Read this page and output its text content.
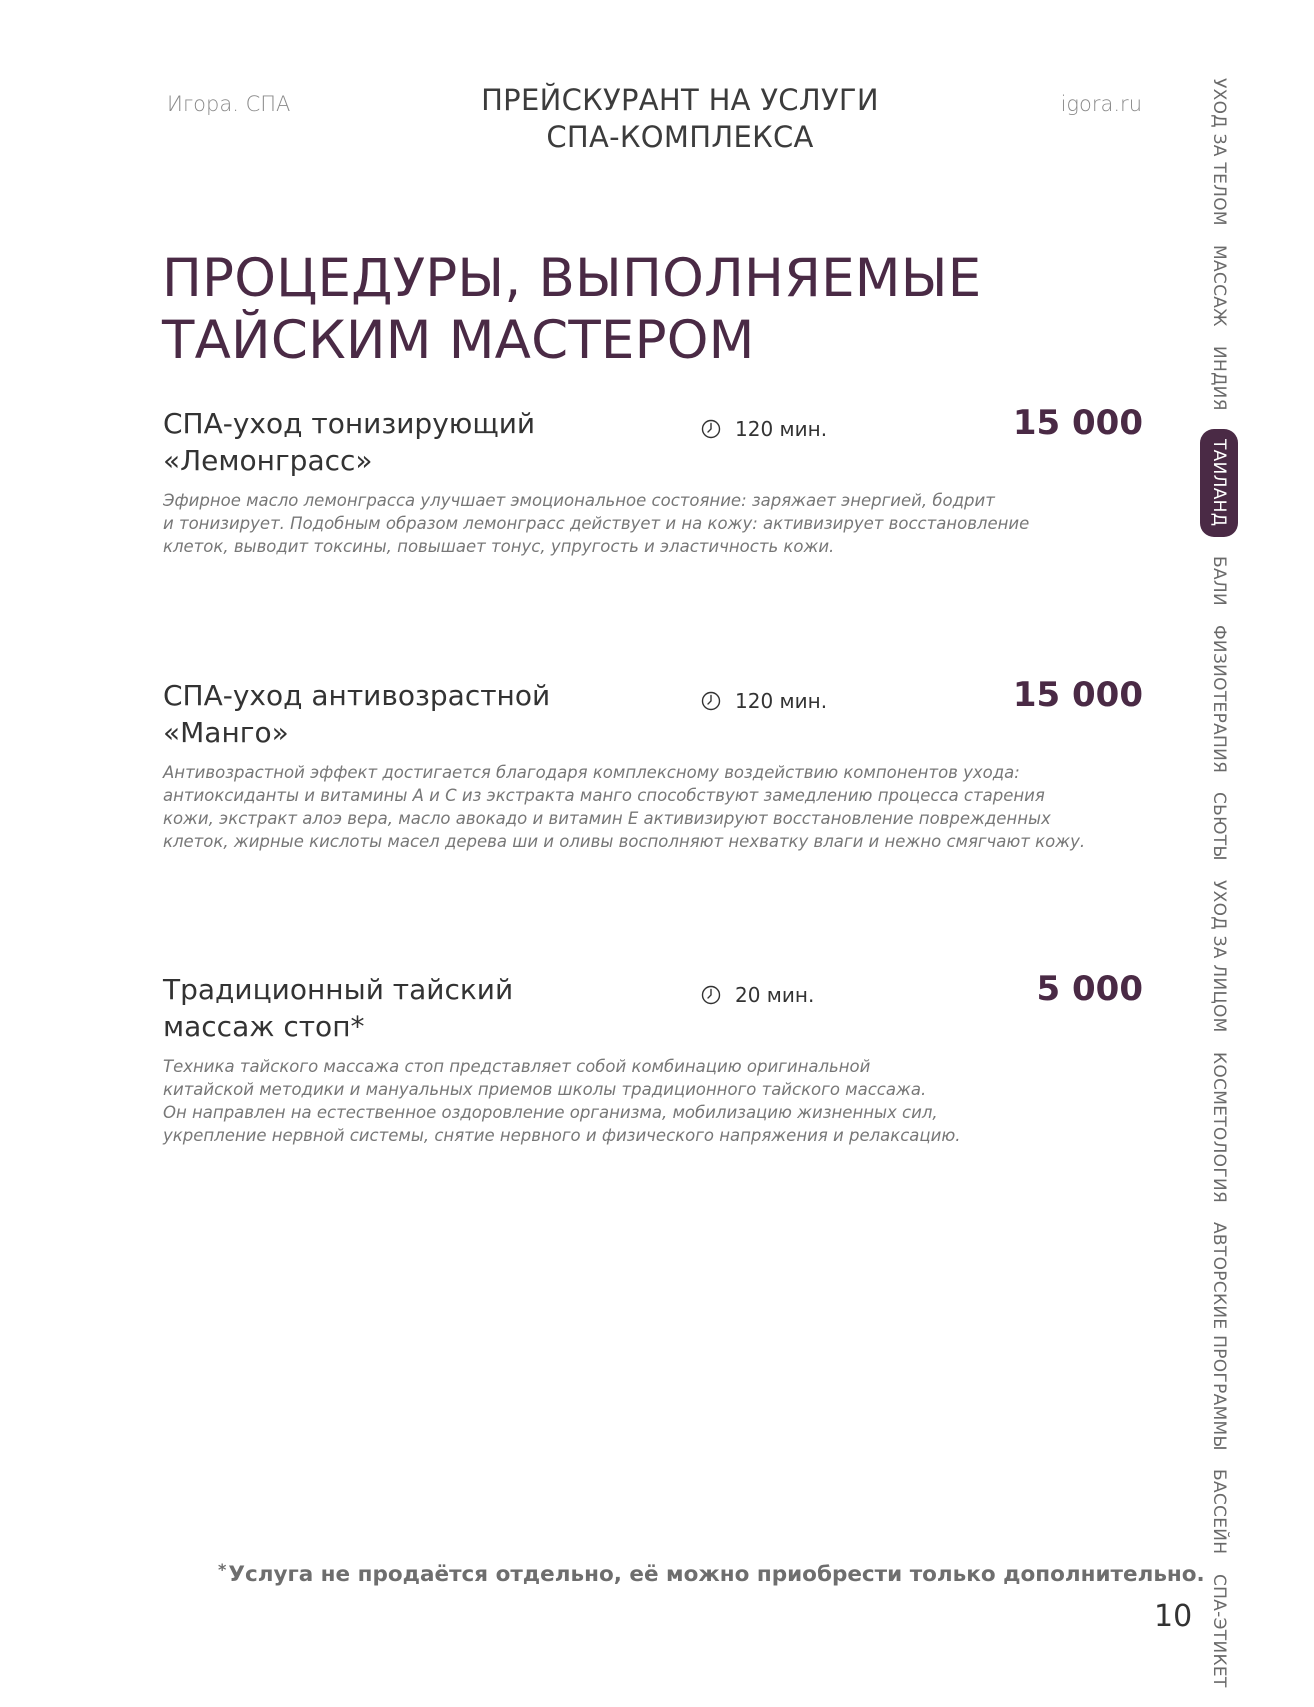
Игора. СПА	ПРЕЙСКУРАНТ НА УСЛУГИ
СПА-КОМПЛЕКСА
igora.ru
ПРОЦЕДУРЫ, ВЫПОЛНЯЕМЫЕ
ТАЙСКИМ МАСТЕРОМ
СПА-уход тонизирующий
«Лемонграсс»
120 мин.	15 000
Эфирное масло лемонграсса улучшает эмоциональное состояние: заряжает энергией, бодрит
и тонизирует. Подобным образом лемонграсс действует и на кожу: активизирует восстановление
клеток, выводит токсины, повышает тонус, упругость и эластичность кожи.
СПА-уход антивозрастной
«Манго»
120 мин.	15 000
Антивозрастной эффект достигается благодаря комплексному воздействию компонентов ухода:
антиоксиданты и витамины А и С из экстракта манго способствуют замедлению процесса старения
кожи, экстракт алоэ вера, масло авокадо и витамин Е активизируют восстановление поврежденных
клеток, жирные кислоты масел дерева ши и оливы восполняют нехватку влаги и нежно смягчают кожу.
Традиционный тайский
массаж стоп*
20 мин.	5 000
Техника тайского массажа стоп представляет собой комбинацию оригинальной
китайской методики и мануальных приемов школы традиционного тайского массажа.
Он направлен на естественное оздоровление организма, мобилизацию жизненных сил,
укрепление нервной системы, снятие нервного и физического напряжения и релаксацию.
*Услуга не продаётся отдельно, её можно приобрести только дополнительно.
10
УХОД ЗА ТЕЛОМ
МАССАЖ
ИНДИЯ
ТАИЛАНД
БАЛИ
ФИЗИОТЕРАПИЯ
СЬЮТЫ
УХОД ЗА ЛИЦОМ
КОСМЕТОЛОГИЯ
АВТОРСКИЕ ПРОГРАММЫ
БАССЕЙН
СПА-ЭТИКЕТ
